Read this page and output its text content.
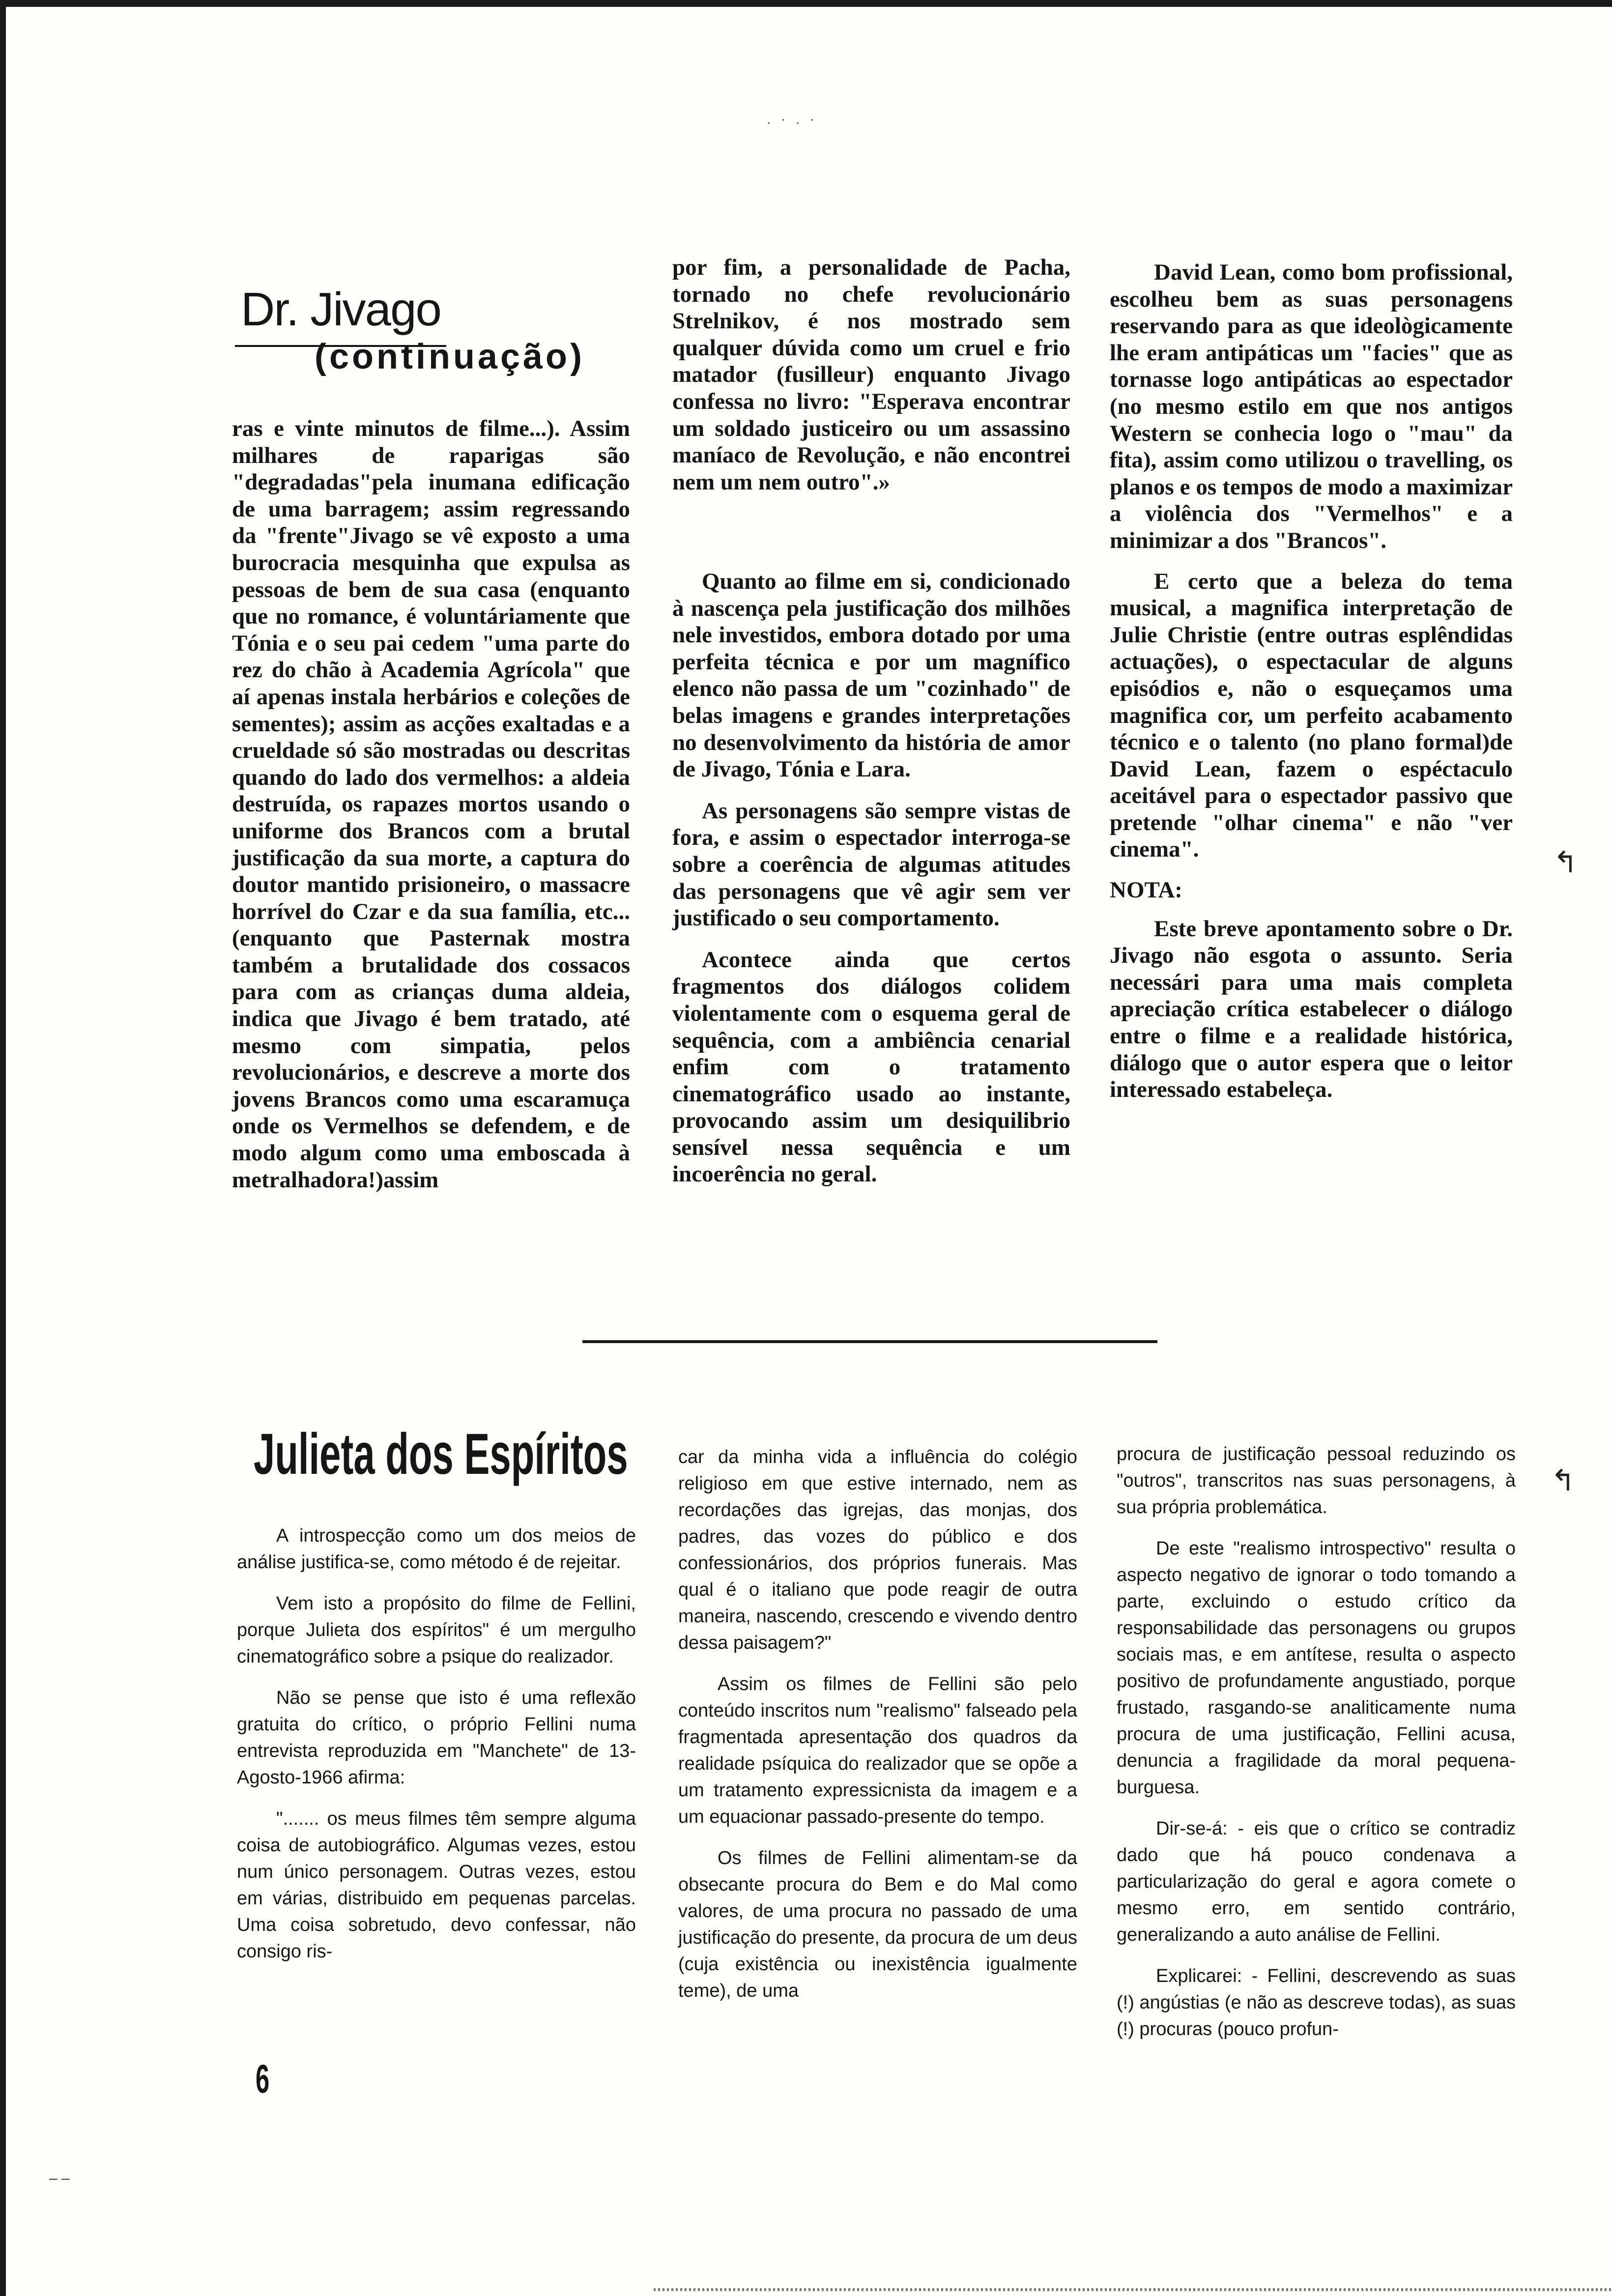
. · . ·
Dr. Jivago
(continuação)

ras e vinte minutos de filme...). Assim milhares de raparigas são "degradadas"pela inumana edificação de uma barragem; assim regressando da "frente"Jivago se vê exposto a uma burocracia mesquinha que expulsa as pessoas de bem de sua casa (enquanto que no romance, é voluntáriamente que Tónia e o seu pai cedem "uma parte do rez do chão à Academia Agrícola" que aí apenas instala herbários e coleções de sementes); assim as acções exaltadas e a crueldade só são mostradas ou descritas quando do lado dos vermelhos: a aldeia destruída, os rapazes mortos usando o uniforme dos Brancos com a brutal justificação da sua morte, a captura do doutor mantido prisioneiro, o massacre horrível do Czar e da sua família, etc... (enquanto que Pasternak mostra também a brutalidade dos cossacos para com as crianças duma aldeia, indica que Jivago é bem tratado, até mesmo com simpatia, pelos revolucionários, e descreve a morte dos jovens Brancos como uma escaramuça onde os Vermelhos se defendem, e de modo algum como uma emboscada à metralhadora!)assim

por fim, a personalidade de Pacha, tornado no chefe revolucionário Strelnikov, é nos mostrado sem qualquer dúvida como um cruel e frio matador (fusilleur) enquanto Jivago confessa no livro: "Esperava encontrar um soldado justiceiro ou um assassino maníaco de Revolução, e não encontrei nem um nem outro".»

Quanto ao filme em si, condicionado à nascença pela justificação dos milhões nele investidos, embora dotado por uma perfeita técnica e por um magnífico elenco não passa de um "cozinhado" de belas imagens e grandes interpretações no desenvolvimento da história de amor de Jivago, Tónia e Lara.

As personagens são sempre vistas de fora, e assim o espectador interroga-se sobre a coerência de algumas atitudes das personagens que vê agir sem ver justificado o seu comportamento.

Acontece ainda que certos fragmentos dos diálogos colidem violentamente com o esquema geral de sequência, com a ambiência cenarial enfim com o tratamento cinematográfico usado ao instante, provocando assim um desiquilibrio sensível nessa sequência e um incoerência no geral.

David Lean, como bom profissional, escolheu bem as suas personagens reservando para as que ideològicamente lhe eram antipáticas um "facies" que as tornasse logo antipáticas ao espectador (no mesmo estilo em que nos antigos Western se conhecia logo o "mau" da fita), assim como utilizou o travelling, os planos e os tempos de modo a maximizar a violência dos "Vermelhos" e a minimizar a dos "Brancos".

E certo que a beleza do tema musical, a magnifica interpretação de Julie Christie (entre outras esplêndidas actuações), o espectacular de alguns episódios e, não o esqueçamos uma magnifica cor, um perfeito acabamento técnico e o talento (no plano formal)de David Lean, fazem o espéctaculo aceitável para o espectador passivo que pretende "olhar cinema" e não "ver cinema".

NOTA:

Este breve apontamento sobre o Dr. Jivago não esgota o assunto. Seria necessári para uma mais completa apreciação crítica estabelecer o diálogo entre o filme e a realidade histórica, diálogo que o autor espera que o leitor interessado estabeleça.

Julieta dos Espíritos

A introspecção como um dos meios de análise justifica-se, como método é de rejeitar.

Vem isto a propósito do filme de Fellini, porque Julieta dos espíritos" é um mergulho cinematográfico sobre a psique do realizador.

Não se pense que isto é uma reflexão gratuita do crítico, o próprio Fellini numa entrevista reproduzida em "Manchete" de 13-Agosto-1966 afirma:

"....... os meus filmes têm sempre alguma coisa de autobiográfico. Algumas vezes, estou num único personagem. Outras vezes, estou em várias, distribuido em pequenas parcelas. Uma coisa sobretudo, devo confessar, não consigo ris-

car da minha vida a influência do colégio religioso em que estive internado, nem as recordações das igrejas, das monjas, dos padres, das vozes do público e dos confessionários, dos próprios funerais. Mas qual é o italiano que pode reagir de outra maneira, nascendo, crescendo e vivendo dentro dessa paisagem?"

Assim os filmes de Fellini são pelo conteúdo inscritos num "realismo" falseado pela fragmentada apresentação dos quadros da realidade psíquica do realizador que se opõe a um tratamento expressicnista da imagem e a um equacionar passado-presente do tempo.

Os filmes de Fellini alimentam-se da obsecante procura do Bem e do Mal como valores, de uma procura no passado de uma justificação do presente, da procura de um deus (cuja existência ou inexistência igualmente teme), de uma

procura de justificação pessoal reduzindo os "outros", transcritos nas suas personagens, à sua própria problemática.

De este "realismo introspectivo" resulta o aspecto negativo de ignorar o todo tomando a parte, excluindo o estudo crítico da responsabilidade das personagens ou grupos sociais mas, e em antítese, resulta o aspecto positivo de profundamente angustiado, porque frustado, rasgando-se analiticamente numa procura de uma justificação, Fellini acusa, denuncia a fragilidade da moral pequena-burguesa.

Dir-se-á: - eis que o crítico se contradiz dado que há pouco condenava a particularização do geral e agora comete o mesmo erro, em sentido contrário, generalizando a auto análise de Fellini.

Explicarei: - Fellini, descrevendo as suas (!) angústias (e não as descreve todas), as suas (!) procuras (pouco profun-

6
↰
↰
– –
